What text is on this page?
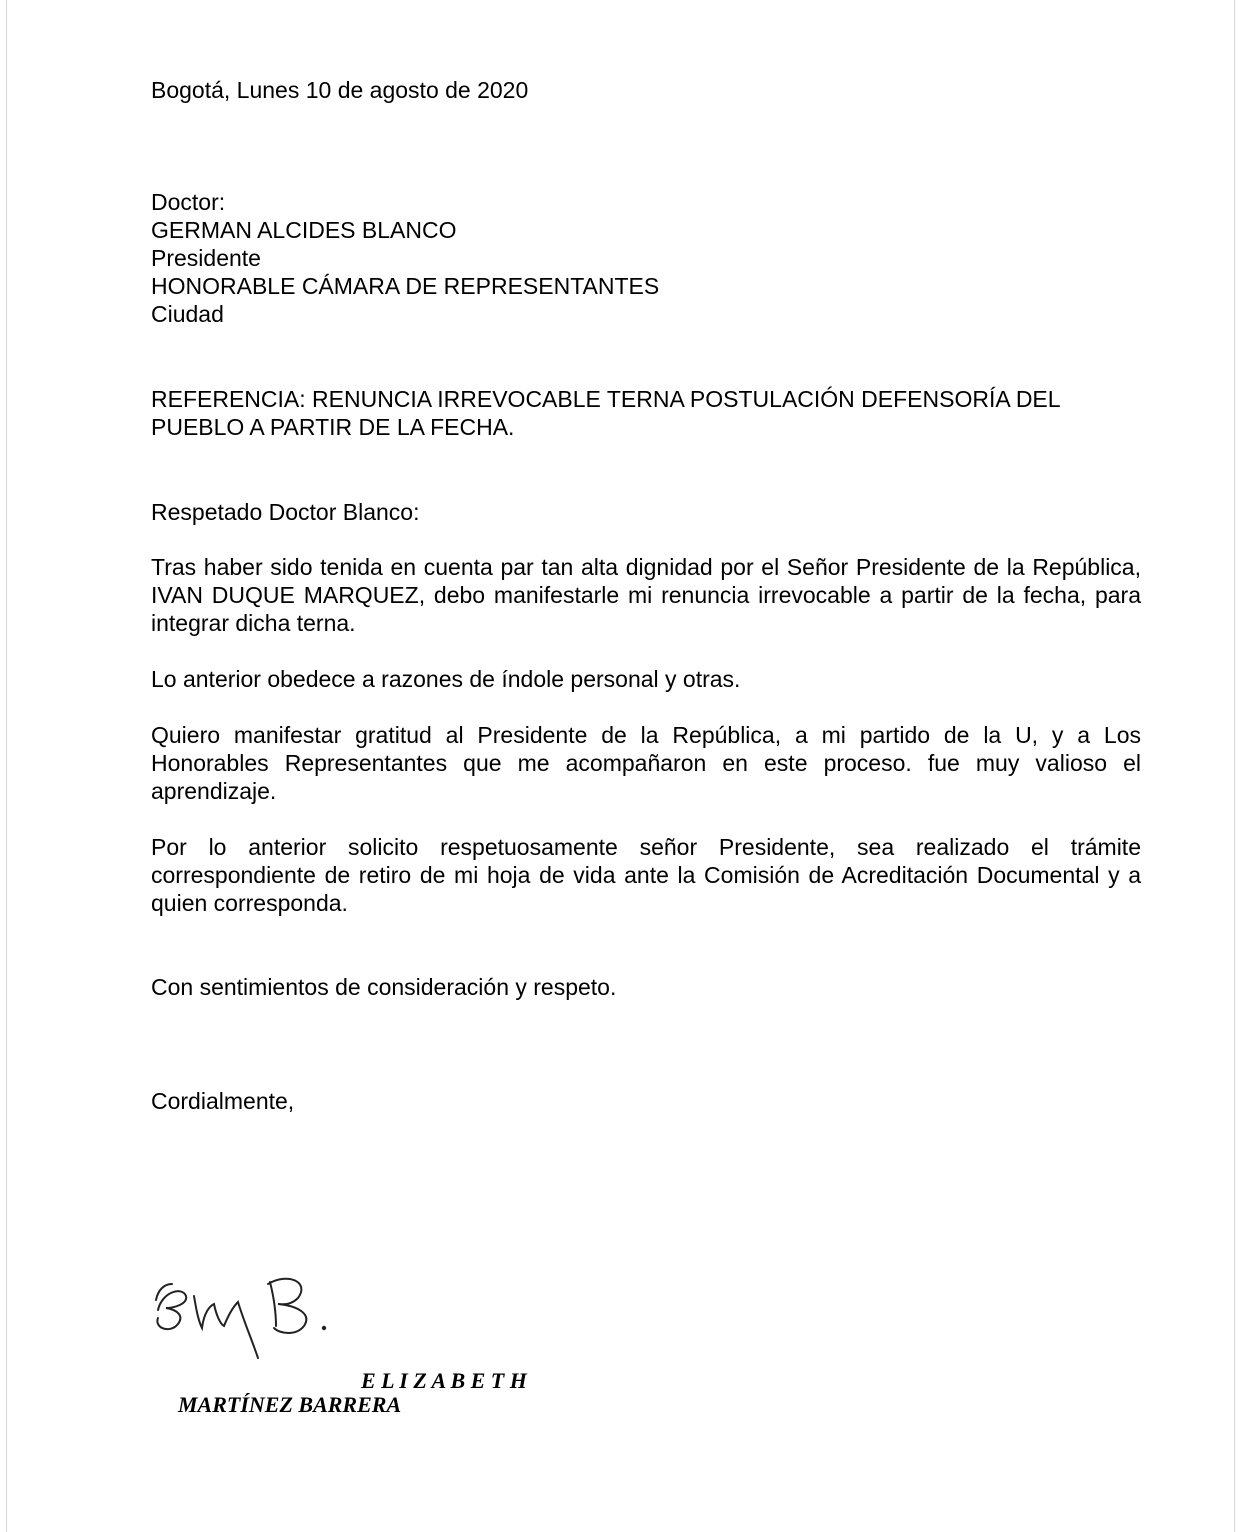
Bogotá, Lunes 10 de agosto de 2020
Doctor:
GERMAN ALCIDES BLANCO
Presidente
HONORABLE CÁMARA DE REPRESENTANTES
Ciudad
REFERENCIA: RENUNCIA IRREVOCABLE TERNA POSTULACIÓN DEFENSORÍA DEL
PUEBLO A PARTIR DE LA FECHA.
Respetado Doctor Blanco:
Tras haber sido tenida en cuenta par tan alta dignidad por el Señor Presidente de la República, IVAN DUQUE MARQUEZ, debo manifestarle mi renuncia irrevocable a partir de la fecha, para integrar dicha terna.
Lo anterior obedece a razones de índole personal y otras.
Quiero manifestar gratitud al Presidente de la República, a mi partido de la U, y a Los Honorables Representantes que me acompañaron en este proceso. fue muy valioso el aprendizaje.
Por lo anterior solicito respetuosamente señor Presidente, sea realizado el trámite correspondiente de retiro de mi hoja de vida ante la Comisión de Acreditación Documental y a quien corresponda.
Con sentimientos de consideración y respeto.
Cordialmente,
E L I Z A B E T H
MARTÍNEZ BARRERA
